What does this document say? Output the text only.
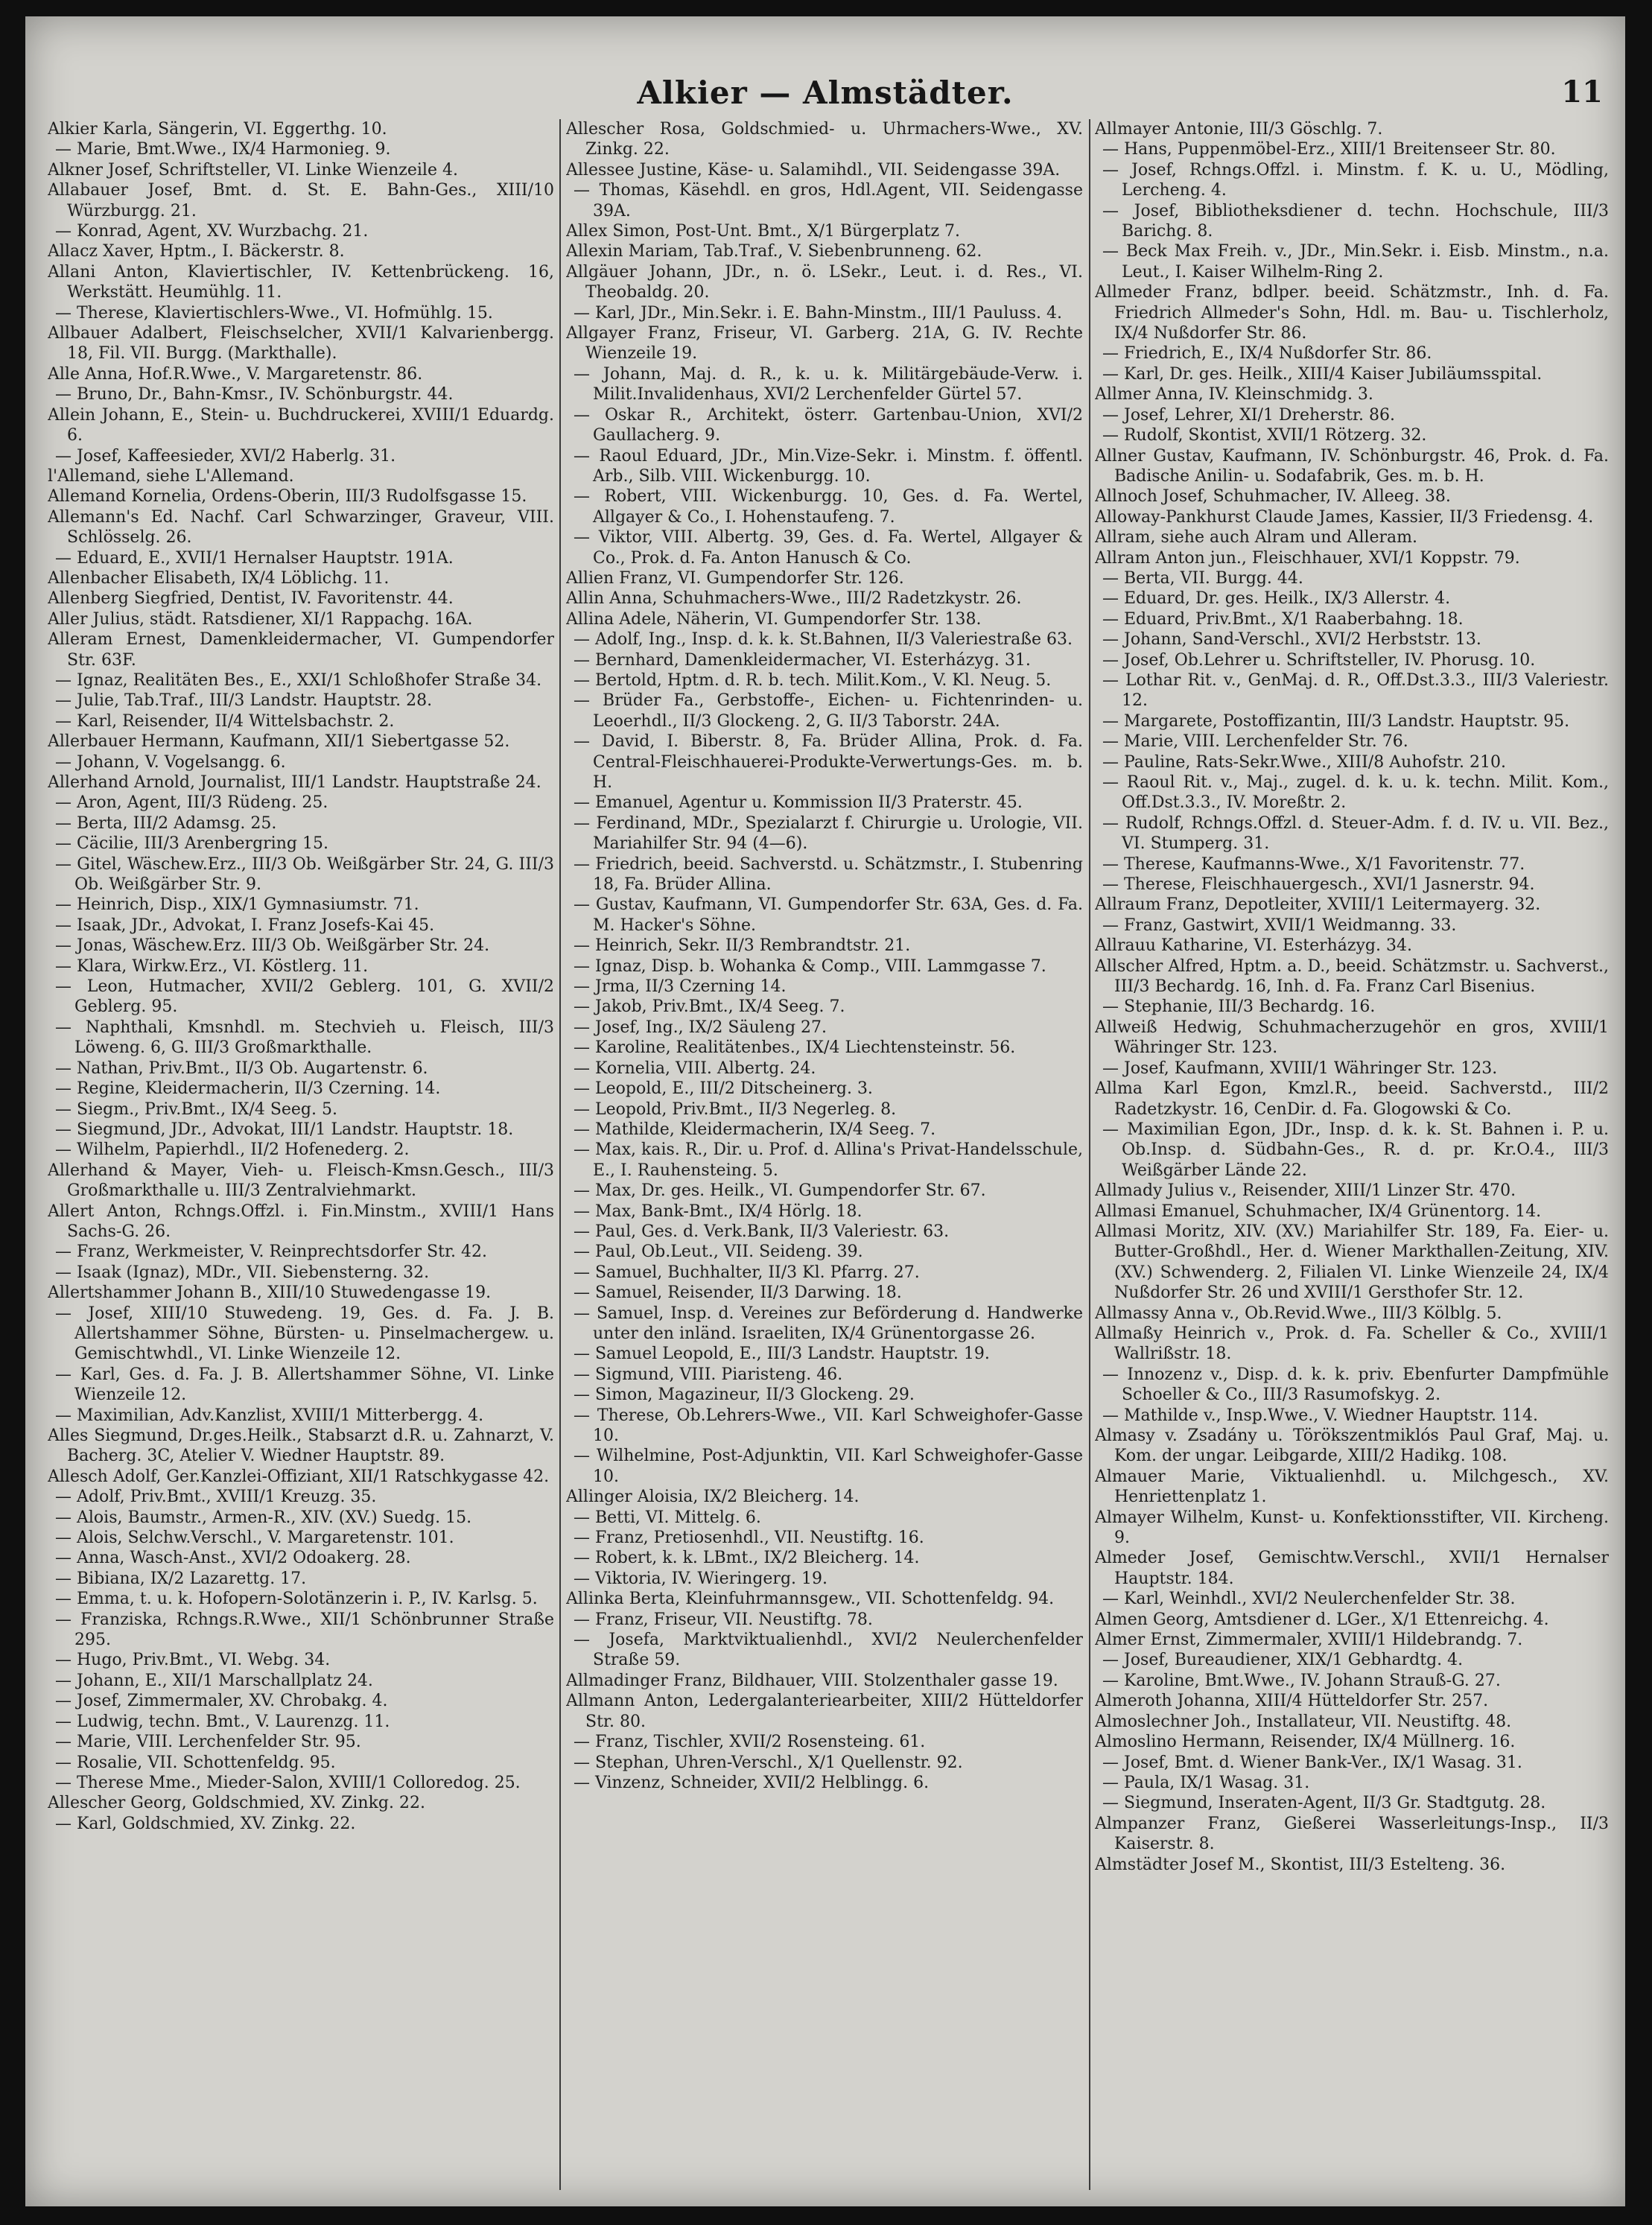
Alkier — Almstädter.	11

Alkier Karla, Sängerin, VI. Eggerthg. 10.

— Marie, Bmt.Wwe., IX/4 Harmonieg. 9.

Alkner Josef, Schriftsteller, VI. Linke Wienzeile 4.

Allabauer Josef, Bmt. d. St. E. Bahn-Ges., XIII/10 Würzburgg. 21.

— Konrad, Agent, XV. Wurzbachg. 21.

Allacz Xaver, Hptm., I. Bäckerstr. 8.

Allani Anton, Klaviertischler, IV. Kettenbrückeng. 16, Werkstätt. Heumühlg. 11.

— Therese, Klaviertischlers-Wwe., VI. Hofmühlg. 15.

Allbauer Adalbert, Fleischselcher, XVII/1 Kalvarienbergg. 18, Fil. VII. Burgg. (Markthalle).

Alle Anna, Hof.R.Wwe., V. Margaretenstr. 86.

— Bruno, Dr., Bahn-Kmsr., IV. Schönburgstr. 44.

Allein Johann, E., Stein- u. Buchdruckerei, XVIII/1 Eduardg. 6.

— Josef, Kaffeesieder, XVI/2 Haberlg. 31.

l'Allemand, siehe L'Allemand.

Allemand Kornelia, Ordens-Oberin, III/3 Rudolfsgasse 15.

Allemann's Ed. Nachf. Carl Schwarzinger, Graveur, VIII. Schlösselg. 26.

— Eduard, E., XVII/1 Hernalser Hauptstr. 191A.

Allenbacher Elisabeth, IX/4 Löblichg. 11.

Allenberg Siegfried, Dentist, IV. Favoritenstr. 44.

Aller Julius, städt. Ratsdiener, XI/1 Rappachg. 16A.

Alleram Ernest, Damenkleidermacher, VI. Gumpendorfer Str. 63F.

— Ignaz, Realitäten Bes., E., XXI/1 Schloßhofer Straße 34.

— Julie, Tab.Traf., III/3 Landstr. Hauptstr. 28.

— Karl, Reisender, II/4 Wittelsbachstr. 2.

Allerbauer Hermann, Kaufmann, XII/1 Siebertgasse 52.

— Johann, V. Vogelsangg. 6.

Allerhand Arnold, Journalist, III/1 Landstr. Hauptstraße 24.

— Aron, Agent, III/3 Rüdeng. 25.

— Berta, III/2 Adamsg. 25.

— Cäcilie, III/3 Arenbergring 15.

— Gitel, Wäschew.Erz., III/3 Ob. Weißgärber Str. 24, G. III/3 Ob. Weißgärber Str. 9.

— Heinrich, Disp., XIX/1 Gymnasiumstr. 71.

— Isaak, JDr., Advokat, I. Franz Josefs-Kai 45.

— Jonas, Wäschew.Erz. III/3 Ob. Weißgärber Str. 24.

— Klara, Wirkw.Erz., VI. Köstlerg. 11.

— Leon, Hutmacher, XVII/2 Geblerg. 101, G. XVII/2 Geblerg. 95.

— Naphthali, Kmsnhdl. m. Stechvieh u. Fleisch, III/3 Löweng. 6, G. III/3 Großmarkthalle.

— Nathan, Priv.Bmt., II/3 Ob. Augartenstr. 6.

— Regine, Kleidermacherin, II/3 Czerning. 14.

— Siegm., Priv.Bmt., IX/4 Seeg. 5.

— Siegmund, JDr., Advokat, III/1 Landstr. Hauptstr. 18.

— Wilhelm, Papierhdl., II/2 Hofenederg. 2.

Allerhand & Mayer, Vieh- u. Fleisch-Kmsn.Gesch., III/3 Großmarkthalle u. III/3 Zentralviehmarkt.

Allert Anton, Rchngs.Offzl. i. Fin.Minstm., XVIII/1 Hans Sachs-G. 26.

— Franz, Werkmeister, V. Reinprechtsdorfer Str. 42.

— Isaak (Ignaz), MDr., VII. Siebensterng. 32.

Allertshammer Johann B., XIII/10 Stuwedengasse 19.

— Josef, XIII/10 Stuwedeng. 19, Ges. d. Fa. J. B. Allertshammer Söhne, Bürsten- u. Pinselmachergew. u. Gemischtwhdl., VI. Linke Wienzeile 12.

— Karl, Ges. d. Fa. J. B. Allertshammer Söhne, VI. Linke Wienzeile 12.

— Maximilian, Adv.Kanzlist, XVIII/1 Mitterbergg. 4.

Alles Siegmund, Dr.ges.Heilk., Stabsarzt d.R. u. Zahnarzt, V. Bacherg. 3C, Atelier V. Wiedner Hauptstr. 89.

Allesch Adolf, Ger.Kanzlei-Offiziant, XII/1 Ratschkygasse 42.

— Adolf, Priv.Bmt., XVIII/1 Kreuzg. 35.

— Alois, Baumstr., Armen-R., XIV. (XV.) Suedg. 15.

— Alois, Selchw.Verschl., V. Margaretenstr. 101.

— Anna, Wasch-Anst., XVI/2 Odoakerg. 28.

— Bibiana, IX/2 Lazarettg. 17.

— Emma, t. u. k. Hofopern-Solotänzerin i. P., IV. Karlsg. 5.

— Franziska, Rchngs.R.Wwe., XII/1 Schönbrunner Straße 295.

— Hugo, Priv.Bmt., VI. Webg. 34.

— Johann, E., XII/1 Marschallplatz 24.

— Josef, Zimmermaler, XV. Chrobakg. 4.

— Ludwig, techn. Bmt., V. Laurenzg. 11.

— Marie, VIII. Lerchenfelder Str. 95.

— Rosalie, VII. Schottenfeldg. 95.

— Therese Mme., Mieder-Salon, XVIII/1 Colloredog. 25.

Allescher Georg, Goldschmied, XV. Zinkg. 22.

— Karl, Goldschmied, XV. Zinkg. 22.

Allescher Rosa, Goldschmied- u. Uhrmachers-Wwe., XV. Zinkg. 22.

Allessee Justine, Käse- u. Salamihdl., VII. Seidengasse 39A.

— Thomas, Käsehdl. en gros, Hdl.Agent, VII. Seidengasse 39A.

Allex Simon, Post-Unt. Bmt., X/1 Bürgerplatz 7.

Allexin Mariam, Tab.Traf., V. Siebenbrunneng. 62.

Allgäuer Johann, JDr., n. ö. LSekr., Leut. i. d. Res., VI. Theobaldg. 20.

— Karl, JDr., Min.Sekr. i. E. Bahn-Minstm., III/1 Pauluss. 4.

Allgayer Franz, Friseur, VI. Garberg. 21A, G. IV. Rechte Wienzeile 19.

— Johann, Maj. d. R., k. u. k. Militärgebäude-Verw. i. Milit.Invalidenhaus, XVI/2 Lerchenfelder Gürtel 57.

— Oskar R., Architekt, österr. Gartenbau-Union, XVI/2 Gaullacherg. 9.

— Raoul Eduard, JDr., Min.Vize-Sekr. i. Minstm. f. öffentl. Arb., Silb. VIII. Wickenburgg. 10.

— Robert, VIII. Wickenburgg. 10, Ges. d. Fa. Wertel, Allgayer & Co., I. Hohenstaufeng. 7.

— Viktor, VIII. Albertg. 39, Ges. d. Fa. Wertel, Allgayer & Co., Prok. d. Fa. Anton Hanusch & Co.

Allien Franz, VI. Gumpendorfer Str. 126.

Allin Anna, Schuhmachers-Wwe., III/2 Radetzkystr. 26.

Allina Adele, Näherin, VI. Gumpendorfer Str. 138.

— Adolf, Ing., Insp. d. k. k. St.Bahnen, II/3 Valeriestraße 63.

— Bernhard, Damenkleidermacher, VI. Esterházyg. 31.

— Bertold, Hptm. d. R. b. tech. Milit.Kom., V. Kl. Neug. 5.

— Brüder Fa., Gerbstoffe-, Eichen- u. Fichtenrinden- u. Leoerhdl., II/3 Glockeng. 2, G. II/3 Taborstr. 24A.

— David, I. Biberstr. 8, Fa. Brüder Allina, Prok. d. Fa. Central-Fleischhauerei-Produkte-Verwertungs-Ges. m. b. H.

— Emanuel, Agentur u. Kommission II/3 Praterstr. 45.

— Ferdinand, MDr., Spezialarzt f. Chirurgie u. Urologie, VII. Mariahilfer Str. 94 (4—6).

— Friedrich, beeid. Sachverstd. u. Schätzmstr., I. Stubenring 18, Fa. Brüder Allina.

— Gustav, Kaufmann, VI. Gumpendorfer Str. 63A, Ges. d. Fa. M. Hacker's Söhne.

— Heinrich, Sekr. II/3 Rembrandtstr. 21.

— Ignaz, Disp. b. Wohanka & Comp., VIII. Lammgasse 7.

— Jrma, II/3 Czerning 14.

— Jakob, Priv.Bmt., IX/4 Seeg. 7.

— Josef, Ing., IX/2 Säuleng 27.

— Karoline, Realitätenbes., IX/4 Liechtensteinstr. 56.

— Kornelia, VIII. Albertg. 24.

— Leopold, E., III/2 Ditscheinerg. 3.

— Leopold, Priv.Bmt., II/3 Negerleg. 8.

— Mathilde, Kleidermacherin, IX/4 Seeg. 7.

— Max, kais. R., Dir. u. Prof. d. Allina's Privat-Handelsschule, E., I. Rauhensteing. 5.

— Max, Dr. ges. Heilk., VI. Gumpendorfer Str. 67.

— Max, Bank-Bmt., IX/4 Hörlg. 18.

— Paul, Ges. d. Verk.Bank, II/3 Valeriestr. 63.

— Paul, Ob.Leut., VII. Seideng. 39.

— Samuel, Buchhalter, II/3 Kl. Pfarrg. 27.

— Samuel, Reisender, II/3 Darwing. 18.

— Samuel, Insp. d. Vereines zur Beförderung d. Handwerke unter den inländ. Israeliten, IX/4 Grünentorgasse 26.

— Samuel Leopold, E., III/3 Landstr. Hauptstr. 19.

— Sigmund, VIII. Piaristeng. 46.

— Simon, Magazineur, II/3 Glockeng. 29.

— Therese, Ob.Lehrers-Wwe., VII. Karl Schweighofer-Gasse 10.

— Wilhelmine, Post-Adjunktin, VII. Karl Schweighofer-Gasse 10.

Allinger Aloisia, IX/2 Bleicherg. 14.

— Betti, VI. Mittelg. 6.

— Franz, Pretiosenhdl., VII. Neustiftg. 16.

— Robert, k. k. LBmt., IX/2 Bleicherg. 14.

— Viktoria, IV. Wieringerg. 19.

Allinka Berta, Kleinfuhrmannsgew., VII. Schottenfeldg. 94.

— Franz, Friseur, VII. Neustiftg. 78.

— Josefa, Marktviktualienhdl., XVI/2 Neulerchenfelder Straße 59.

Allmadinger Franz, Bildhauer, VIII. Stolzenthaler gasse 19.

Allmann Anton, Ledergalanteriearbeiter, XIII/2 Hütteldorfer Str. 80.

— Franz, Tischler, XVII/2 Rosensteing. 61.

— Stephan, Uhren-Verschl., X/1 Quellenstr. 92.

— Vinzenz, Schneider, XVII/2 Helblingg. 6.

Allmayer Antonie, III/3 Göschlg. 7.

— Hans, Puppenmöbel-Erz., XIII/1 Breitenseer Str. 80.

— Josef, Rchngs.Offzl. i. Minstm. f. K. u. U., Mödling, Lercheng. 4.

— Josef, Bibliotheksdiener d. techn. Hochschule, III/3 Barichg. 8.

— Beck Max Freih. v., JDr., Min.Sekr. i. Eisb. Minstm., n.a. Leut., I. Kaiser Wilhelm-Ring 2.

Allmeder Franz, bdlper. beeid. Schätzmstr., Inh. d. Fa. Friedrich Allmeder's Sohn, Hdl. m. Bau- u. Tischlerholz, IX/4 Nußdorfer Str. 86.

— Friedrich, E., IX/4 Nußdorfer Str. 86.

— Karl, Dr. ges. Heilk., XIII/4 Kaiser Jubiläumsspital.

Allmer Anna, IV. Kleinschmidg. 3.

— Josef, Lehrer, XI/1 Dreherstr. 86.

— Rudolf, Skontist, XVII/1 Rötzerg. 32.

Allner Gustav, Kaufmann, IV. Schönburgstr. 46, Prok. d. Fa. Badische Anilin- u. Sodafabrik, Ges. m. b. H.

Allnoch Josef, Schuhmacher, IV. Alleeg. 38.

Alloway-Pankhurst Claude James, Kassier, II/3 Friedensg. 4.

Allram, siehe auch Alram und Alleram.

Allram Anton jun., Fleischhauer, XVI/1 Koppstr. 79.

— Berta, VII. Burgg. 44.

— Eduard, Dr. ges. Heilk., IX/3 Allerstr. 4.

— Eduard, Priv.Bmt., X/1 Raaberbahng. 18.

— Johann, Sand-Verschl., XVI/2 Herbststr. 13.

— Josef, Ob.Lehrer u. Schriftsteller, IV. Phorusg. 10.

— Lothar Rit. v., GenMaj. d. R., Off.Dst.3.3., III/3 Valeriestr. 12.

— Margarete, Postoffizantin, III/3 Landstr. Hauptstr. 95.

— Marie, VIII. Lerchenfelder Str. 76.

— Pauline, Rats-Sekr.Wwe., XIII/8 Auhofstr. 210.

— Raoul Rit. v., Maj., zugel. d. k. u. k. techn. Milit. Kom., Off.Dst.3.3., IV. Moreßtr. 2.

— Rudolf, Rchngs.Offzl. d. Steuer-Adm. f. d. IV. u. VII. Bez., VI. Stumperg. 31.

— Therese, Kaufmanns-Wwe., X/1 Favoritenstr. 77.

— Therese, Fleischhauergesch., XVI/1 Jasnerstr. 94.

Allraum Franz, Depotleiter, XVIII/1 Leitermayerg. 32.

— Franz, Gastwirt, XVII/1 Weidmanng. 33.

Allrauu Katharine, VI. Esterházyg. 34.

Allscher Alfred, Hptm. a. D., beeid. Schätzmstr. u. Sachverst., III/3 Bechardg. 16, Inh. d. Fa. Franz Carl Bisenius.

— Stephanie, III/3 Bechardg. 16.

Allweiß Hedwig, Schuhmacherzugehör en gros, XVIII/1 Währinger Str. 123.

— Josef, Kaufmann, XVIII/1 Währinger Str. 123.

Allma Karl Egon, Kmzl.R., beeid. Sachverstd., III/2 Radetzkystr. 16, CenDir. d. Fa. Glogowski & Co.

— Maximilian Egon, JDr., Insp. d. k. k. St. Bahnen i. P. u. Ob.Insp. d. Südbahn-Ges., R. d. pr. Kr.O.4., III/3 Weißgärber Lände 22.

Allmady Julius v., Reisender, XIII/1 Linzer Str. 470.

Allmasi Emanuel, Schuhmacher, IX/4 Grünentorg. 14.

Allmasi Moritz, XIV. (XV.) Mariahilfer Str. 189, Fa. Eier- u. Butter-Großhdl., Her. d. Wiener Markthallen-Zeitung, XIV. (XV.) Schwenderg. 2, Filialen VI. Linke Wienzeile 24, IX/4 Nußdorfer Str. 26 und XVIII/1 Gersthofer Str. 12.

Allmassy Anna v., Ob.Revid.Wwe., III/3 Kölblg. 5.

Allmaßy Heinrich v., Prok. d. Fa. Scheller & Co., XVIII/1 Wallrißstr. 18.

— Innozenz v., Disp. d. k. k. priv. Ebenfurter Dampfmühle Schoeller & Co., III/3 Rasumofskyg. 2.

— Mathilde v., Insp.Wwe., V. Wiedner Hauptstr. 114.

Almasy v. Zsadány u. Törökszentmiklós Paul Graf, Maj. u. Kom. der ungar. Leibgarde, XIII/2 Hadikg. 108.

Almauer Marie, Viktualienhdl. u. Milchgesch., XV. Henriettenplatz 1.

Almayer Wilhelm, Kunst- u. Konfektionsstifter, VII. Kircheng. 9.

Almeder Josef, Gemischtw.Verschl., XVII/1 Hernalser Hauptstr. 184.

— Karl, Weinhdl., XVI/2 Neulerchenfelder Str. 38.

Almen Georg, Amtsdiener d. LGer., X/1 Ettenreichg. 4.

Almer Ernst, Zimmermaler, XVIII/1 Hildebrandg. 7.

— Josef, Bureaudiener, XIX/1 Gebhardtg. 4.

— Karoline, Bmt.Wwe., IV. Johann Strauß-G. 27.

Almeroth Johanna, XIII/4 Hütteldorfer Str. 257.

Almoslechner Joh., Installateur, VII. Neustiftg. 48.

Almoslino Hermann, Reisender, IX/4 Müllnerg. 16.

— Josef, Bmt. d. Wiener Bank-Ver., IX/1 Wasag. 31.

— Paula, IX/1 Wasag. 31.

— Siegmund, Inseraten-Agent, II/3 Gr. Stadtgutg. 28.

Almpanzer Franz, Gießerei Wasserleitungs-Insp., II/3 Kaiserstr. 8.

Almstädter Josef M., Skontist, III/3 Estelteng. 36.
